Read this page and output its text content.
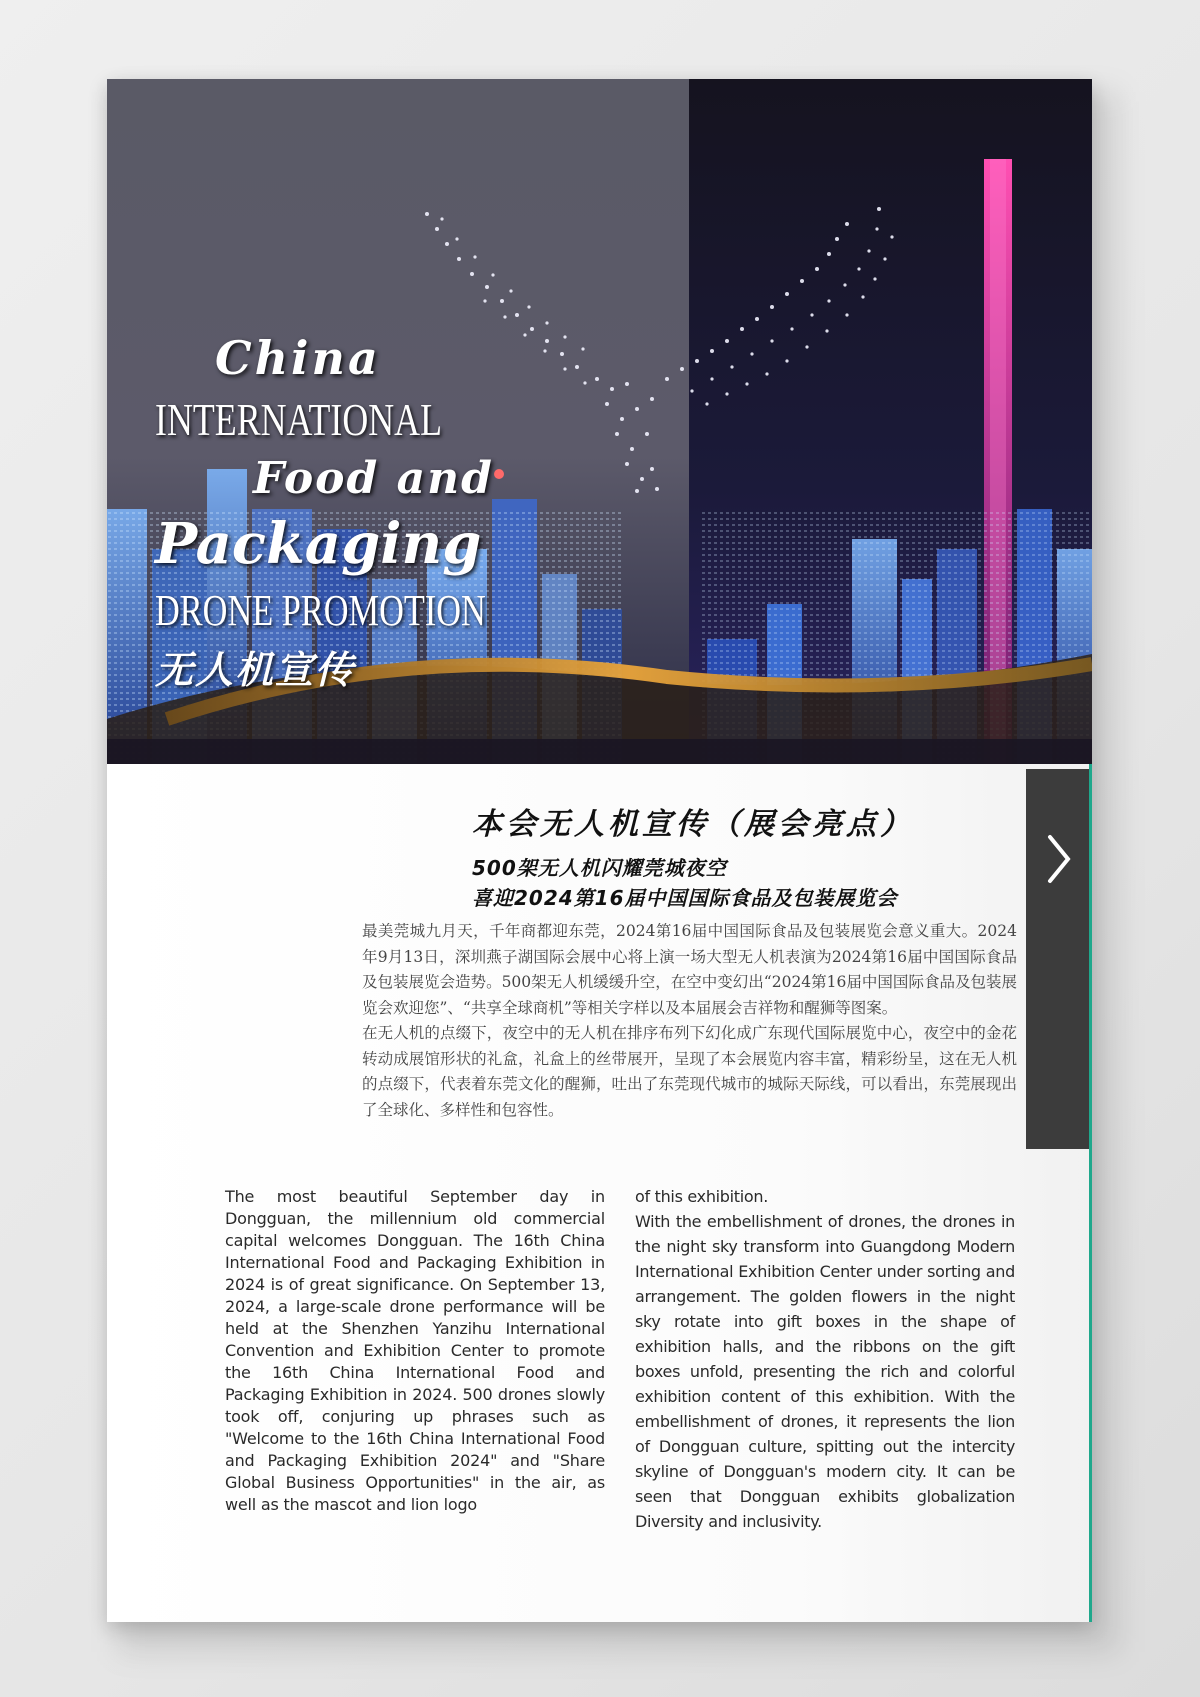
China
INTERNATIONAL
Food and
Packaging
DRONE PROMOTION
无人机宣传
本会无人机宣传（展会亮点）
500架无人机闪耀莞城夜空
喜迎2024第16届中国国际食品及包装展览会

最美莞城九月天，千年商都迎东莞，2024第16届中国国际食品及包装展览会意义重大。2024年9月13日，深圳燕子湖国际会展中心将上演一场大型无人机表演为2024第16届中国国际食品及包装展览会造势。500架无人机缓缓升空，在空中变幻出“2024第16届中国国际食品及包装展览会欢迎您”、“共享全球商机”等相关字样以及本届展会吉祥物和醒狮等图案。

在无人机的点缀下，夜空中的无人机在排序布列下幻化成广东现代国际展览中心，夜空中的金花转动成展馆形状的礼盒，礼盒上的丝带展开，呈现了本会展览内容丰富，精彩纷呈，这在无人机的点缀下，代表着东莞文化的醒狮，吐出了东莞现代城市的城际天际线，可以看出，东莞展现出了全球化、多样性和包容性。

The most beautiful September day in Dongguan, the millennium old commercial capital welcomes Dongguan. The 16th China International Food and Packaging Exhibition in 2024 is of great significance. On September 13, 2024, a large-scale drone performance will be held at the Shenzhen Yanzihu International Convention and Exhibition Center to promote the 16th China International Food and Packaging Exhibition in 2024. 500 drones slowly took off, conjuring up phrases such as "Welcome to the 16th China International Food and Packaging Exhibition 2024" and "Share Global Business Opportunities" in the air, as well as the mascot and lion logo

of this exhibition.

With the embellishment of drones, the drones in the night sky transform into Guangdong Modern International Exhibition Center under sorting and arrangement. The golden flowers in the night sky rotate into gift boxes in the shape of exhibition halls, and the ribbons on the gift boxes unfold, presenting the rich and colorful exhibition content of this exhibition. With the embellishment of drones, it represents the lion of Dongguan culture, spitting out the intercity skyline of Dongguan's modern city. It can be seen that Dongguan exhibits globalization Diversity and inclusivity.
